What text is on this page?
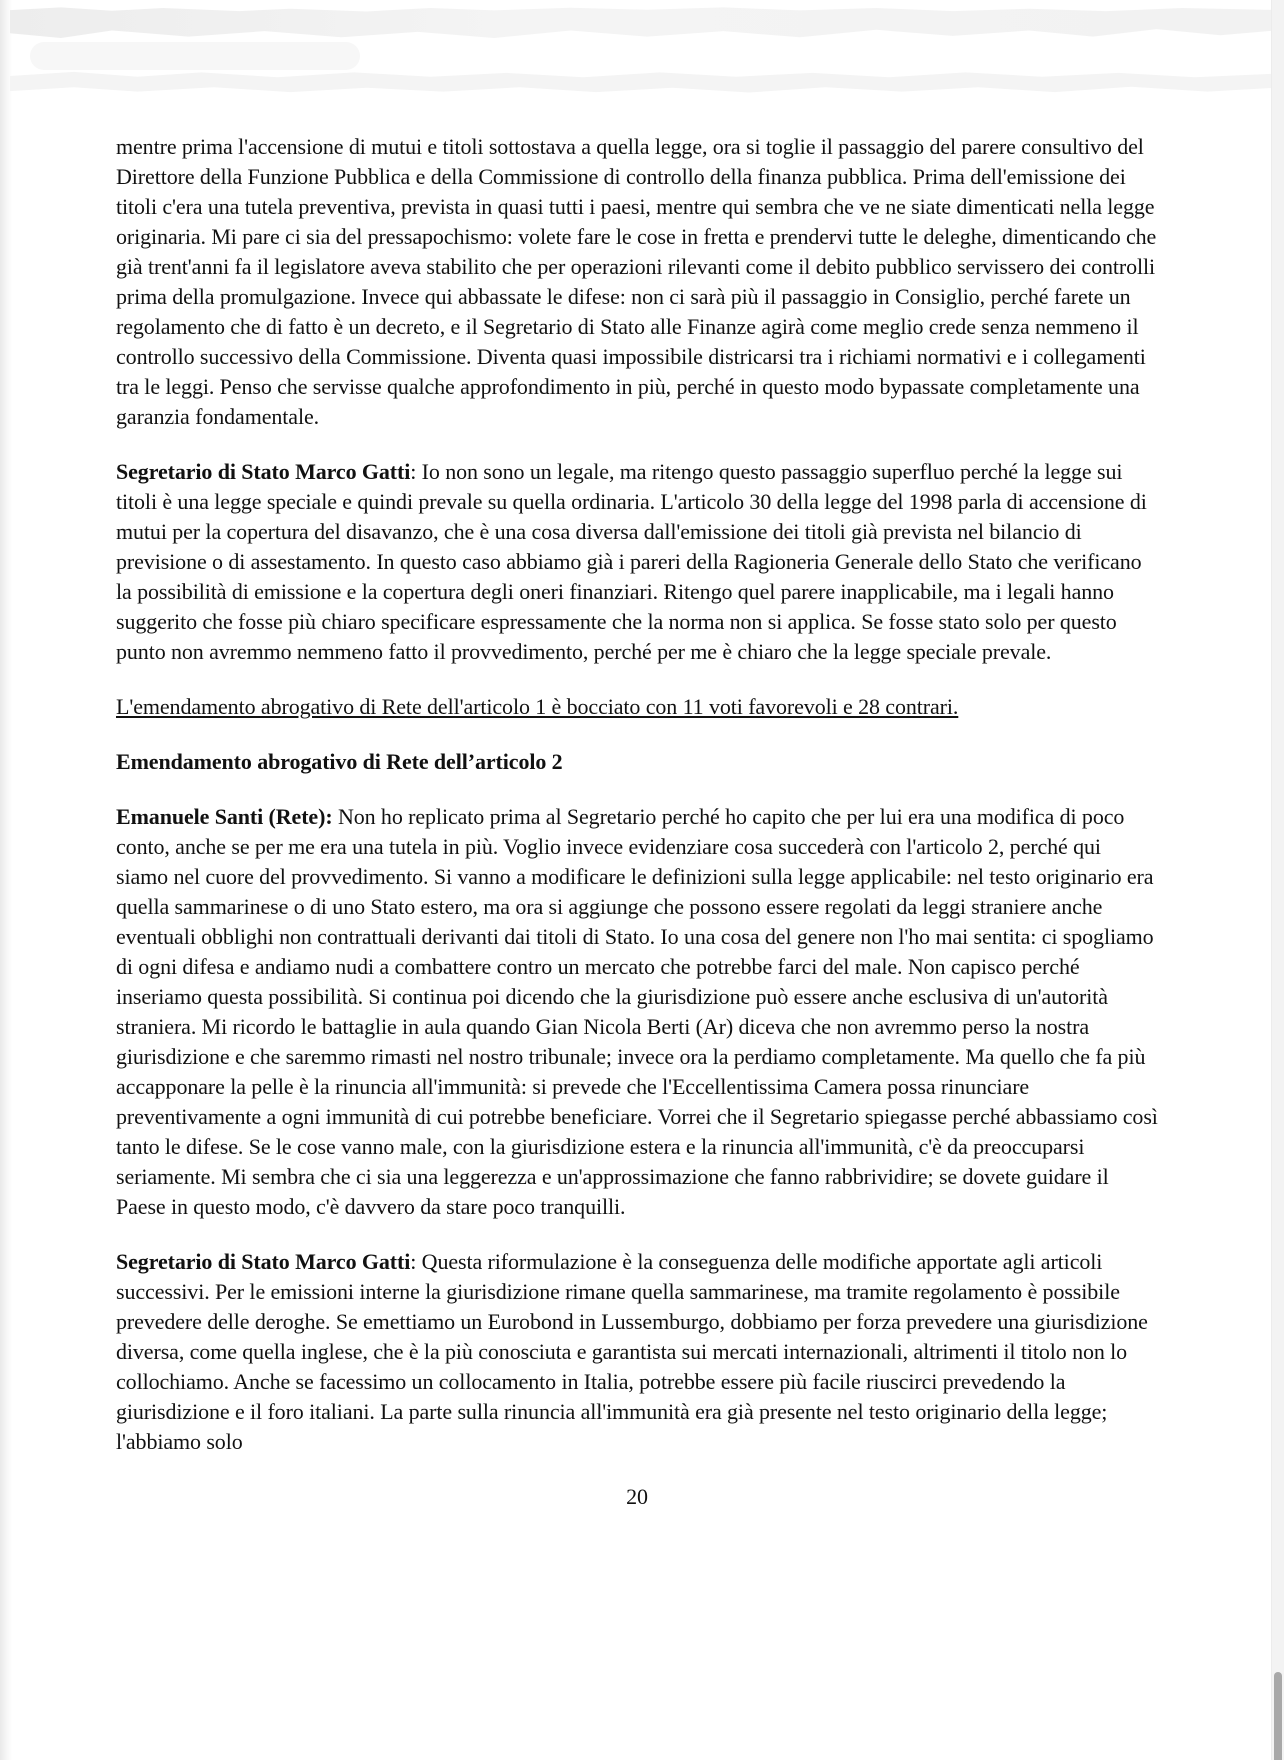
mentre prima l'accensione di mutui e titoli sottostava a quella legge, ora si toglie il passaggio del parere consultivo del Direttore della Funzione Pubblica e della Commissione di controllo della finanza pubblica. Prima dell'emissione dei titoli c'era una tutela preventiva, prevista in quasi tutti i paesi, mentre qui sembra che ve ne siate dimenticati nella legge originaria. Mi pare ci sia del pressapochismo: volete fare le cose in fretta e prendervi tutte le deleghe, dimenticando che già trent'anni fa il legislatore aveva stabilito che per operazioni rilevanti come il debito pubblico servissero dei controlli prima della promulgazione. Invece qui abbassate le difese: non ci sarà più il passaggio in Consiglio, perché farete un regolamento che di fatto è un decreto, e il Segretario di Stato alle Finanze agirà come meglio crede senza nemmeno il controllo successivo della Commissione. Diventa quasi impossibile districarsi tra i richiami normativi e i collegamenti tra le leggi. Penso che servisse qualche approfondimento in più, perché in questo modo bypassate completamente una garanzia fondamentale.

Segretario di Stato Marco Gatti: Io non sono un legale, ma ritengo questo passaggio superfluo perché la legge sui titoli è una legge speciale e quindi prevale su quella ordinaria. L'articolo 30 della legge del 1998 parla di accensione di mutui per la copertura del disavanzo, che è una cosa diversa dall'emissione dei titoli già prevista nel bilancio di previsione o di assestamento. In questo caso abbiamo già i pareri della Ragioneria Generale dello Stato che verificano la possibilità di emissione e la copertura degli oneri finanziari. Ritengo quel parere inapplicabile, ma i legali hanno suggerito che fosse più chiaro specificare espressamente che la norma non si applica. Se fosse stato solo per questo punto non avremmo nemmeno fatto il provvedimento, perché per me è chiaro che la legge speciale prevale.

L'emendamento abrogativo di Rete dell'articolo 1 è bocciato con 11 voti favorevoli e 28 contrari.

Emendamento abrogativo di Rete dell’articolo 2

Emanuele Santi (Rete): Non ho replicato prima al Segretario perché ho capito che per lui era una modifica di poco conto, anche se per me era una tutela in più. Voglio invece evidenziare cosa succederà con l'articolo 2, perché qui siamo nel cuore del provvedimento. Si vanno a modificare le definizioni sulla legge applicabile: nel testo originario era quella sammarinese o di uno Stato estero, ma ora si aggiunge che possono essere regolati da leggi straniere anche eventuali obblighi non contrattuali derivanti dai titoli di Stato. Io una cosa del genere non l'ho mai sentita: ci spogliamo di ogni difesa e andiamo nudi a combattere contro un mercato che potrebbe farci del male. Non capisco perché inseriamo questa possibilità. Si continua poi dicendo che la giurisdizione può essere anche esclusiva di un'autorità straniera. Mi ricordo le battaglie in aula quando Gian Nicola Berti (Ar) diceva che non avremmo perso la nostra giurisdizione e che saremmo rimasti nel nostro tribunale; invece ora la perdiamo completamente. Ma quello che fa più accapponare la pelle è la rinuncia all'immunità: si prevede che l'Eccellentissima Camera possa rinunciare preventivamente a ogni immunità di cui potrebbe beneficiare. Vorrei che il Segretario spiegasse perché abbassiamo così tanto le difese. Se le cose vanno male, con la giurisdizione estera e la rinuncia all'immunità, c'è da preoccuparsi seriamente. Mi sembra che ci sia una leggerezza e un'approssimazione che fanno rabbrividire; se dovete guidare il Paese in questo modo, c'è davvero da stare poco tranquilli.

Segretario di Stato Marco Gatti: Questa riformulazione è la conseguenza delle modifiche apportate agli articoli successivi. Per le emissioni interne la giurisdizione rimane quella sammarinese, ma tramite regolamento è possibile prevedere delle deroghe. Se emettiamo un Eurobond in Lussemburgo, dobbiamo per forza prevedere una giurisdizione diversa, come quella inglese, che è la più conosciuta e garantista sui mercati internazionali, altrimenti il titolo non lo collochiamo. Anche se facessimo un collocamento in Italia, potrebbe essere più facile riuscirci prevedendo la giurisdizione e il foro italiani. La parte sulla rinuncia all'immunità era già presente nel testo originario della legge; l'abbiamo solo

20
